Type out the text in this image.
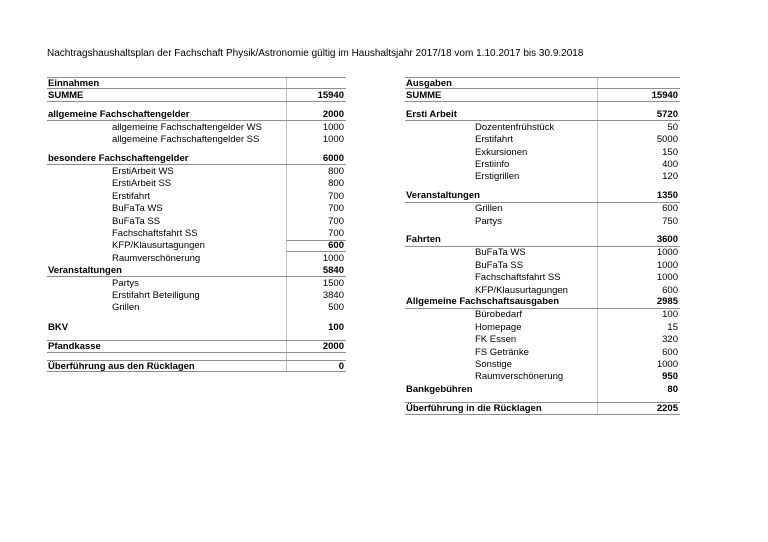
Nachtragshaushaltsplan der Fachschaft Physik/Astronomie gültig im Haushaltsjahr 2017/18 vom 1.10.2017 bis 30.9.2018
Einnahmen
SUMME	15940
allgemeine Fachschaftengelder	2000
allgemeine Fachschaftengelder WS	1000
allgemeine Fachschaftengelder SS	1000
besondere Fachschaftengelder	6000
ErstiArbeit WS	800
ErstiArbeit SS	800
Erstifahrt	700
BuFaTa WS	700
BuFaTa SS	700
Fachschaftsfahrt SS	700
KFP/Klausurtagungen	600
Raumverschönerung	1000
Veranstaltungen	5840
Partys	1500
Erstifahrt Beteiligung	3840
Grillen	500
BKV	100
Pfandkasse	2000
Überführung aus den Rücklagen	0
Ausgaben
SUMME	15940
Ersti Arbeit	5720
Dozentenfrühstück	50
Erstifahrt	5000
Exkursionen	150
Erstiinfo	400
Erstigrillen	120
Veranstaltungen	1350
Grillen	600
Partys	750
Fahrten	3600
BuFaTa WS	1000
BuFaTa SS	1000
Fachschaftsfahrt SS	1000
KFP/Klausurtagungen	600
Allgemeine Fachschaftsausgaben	2985
Bürobedarf	100
Homepage	15
FK Essen	320
FS Getränke	600
Sonstige	1000
Raumverschönerung	950
Bankgebühren	80
Überführung in die Rücklagen	2205
